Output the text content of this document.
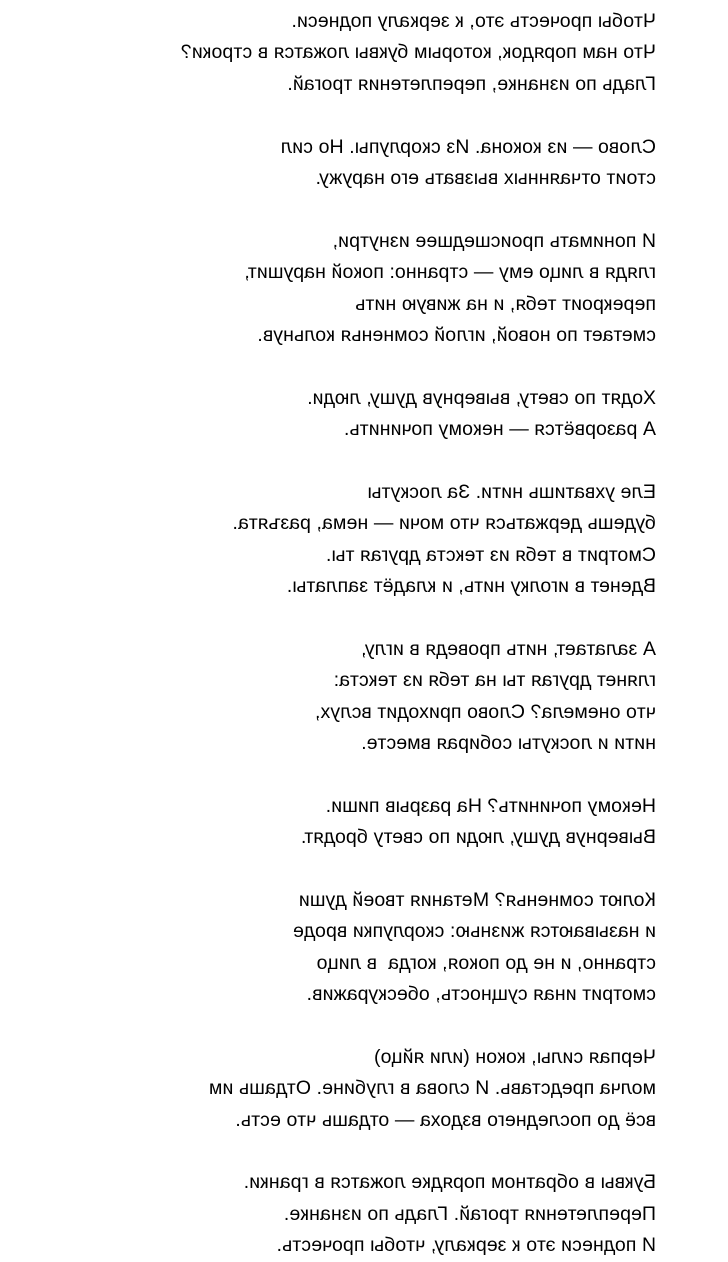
Чтобы прочесть это, к зеркалу поднеси.
Что нам порядок, которым буквы ложатся в строки?
Гладь по изнанке, переплетения трогай.
Слово — из кокона. Из скорлупы. Но сил
стоит отчаянных вызвать его наружу.
И понимать происшедшее изнутри,
глядя в лицо ему — странно: покой нарушит,
перекроит тебя, и на живую нить
сметает по новой, иглой сомненья кольнув.
Ходят по свету, вывернув душу, люди.
А разорвётся — некому починить.
Еле ухватишь нити. За лоскуты
будешь держаться что мочи — нема, разъята.
Смотрит в тебя из текста другая ты.
Вденет в иголку нить, и кладёт заплаты.
А залатает, нить проведя в иглу,
глянет другая ты на тебя из текста:
что онемела? Слово приходит вслух,
нити и лоскуты собирая вместе.
Некому починить? На разрыв пиши.
Вывернув душу, люди по свету бродят.
Колют сомненья? Метания твоей души
и называются жизнью: скорлупки вроде
странно, и не до покоя, когда  в лицо
смотрит иная сущность, обескуражив.
Черпая силы, кокон (или яйцо)
молча представь. И слова в глубине. Отдашь им
всё до последнего вздоха — отдашь что есть.
Буквы в обратном порядке ложатся в гранки.
Переплетения трогай. Гладь по изнанке.
И поднеси это к зеркалу, чтобы прочесть.
